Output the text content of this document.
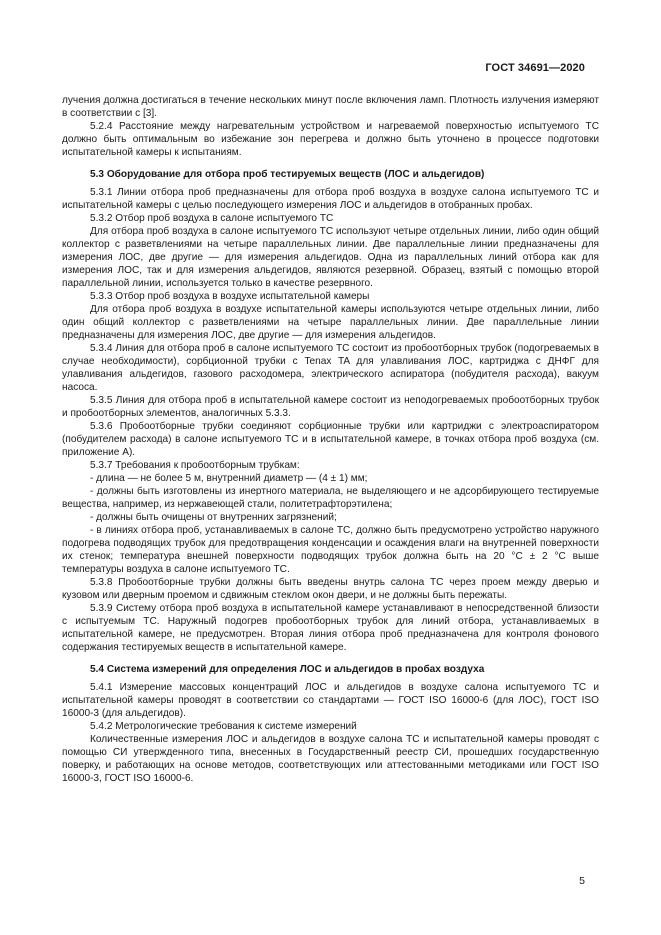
ГОСТ 34691—2020

лучения должна достигаться в течение нескольких минут после включения ламп. Плотность излучения измеряют в соответствии с [3].

5.2.4 Расстояние между нагревательным устройством и нагреваемой поверхностью испытуемого ТС должно быть оптимальным во избежание зон перегрева и должно быть уточнено в процессе подготовки испытательной камеры к испытаниям.

5.3 Оборудование для отбора проб тестируемых веществ (ЛОС и альдегидов)

5.3.1 Линии отбора проб предназначены для отбора проб воздуха в воздухе салона испытуемого ТС и испытательной камеры с целью последующего измерения ЛОС и альдегидов в отобранных пробах.

5.3.2 Отбор проб воздуха в салоне испытуемого ТС

Для отбора проб воздуха в салоне испытуемого ТС используют четыре отдельных линии, либо один общий коллектор с разветвлениями на четыре параллельных линии. Две параллельные линии предназначены для измерения ЛОС, две другие — для измерения альдегидов. Одна из параллельных линий отбора как для измерения ЛОС, так и для измерения альдегидов, являются резервной. Образец, взятый с помощью второй параллельной линии, используется только в качестве резервного.

5.3.3 Отбор проб воздуха в воздухе испытательной камеры

Для отбора проб воздуха в воздухе испытательной камеры используются четыре отдельных линии, либо один общий коллектор с разветвлениями на четыре параллельных линии. Две параллельные линии предназначены для измерения ЛОС, две другие — для измерения альдегидов.

5.3.4 Линия для отбора проб в салоне испытуемого ТС состоит из пробоотборных трубок (подогреваемых в случае необходимости), сорбционной трубки с Tenax TA для улавливания ЛОС, картриджа с ДНФГ для улавливания альдегидов, газового расходомера, электрического аспиратора (побудителя расхода), вакуум насоса.

5.3.5 Линия для отбора проб в испытательной камере состоит из неподогреваемых пробоотборных трубок и пробоотборных элементов, аналогичных 5.3.3.

5.3.6 Пробоотборные трубки соединяют сорбционные трубки или картриджи с электроаспиратором (побудителем расхода) в салоне испытуемого ТС и в испытательной камере, в точках отбора проб воздуха (см. приложение А).

5.3.7 Требования к пробоотборным трубкам:

- длина — не более 5 м, внутренний диаметр — (4 ± 1) мм;

- должны быть изготовлены из инертного материала, не выделяющего и не адсорбирующего тестируемые вещества, например, из нержавеющей стали, политетрафторэтилена;

- должны быть очищены от внутренних загрязнений;

- в линиях отбора проб, устанавливаемых в салоне ТС, должно быть предусмотрено устройство наружного подогрева подводящих трубок для предотвращения конденсации и осаждения влаги на внутренней поверхности их стенок; температура внешней поверхности подводящих трубок должна быть на 20 °С ± 2 °С выше температуры воздуха в салоне испытуемого ТС.

5.3.8 Пробоотборные трубки должны быть введены внутрь салона ТС через проем между дверью и кузовом или дверным проемом и сдвижным стеклом окон двери, и не должны быть пережаты.

5.3.9 Систему отбора проб воздуха в испытательной камере устанавливают в непосредственной близости с испытуемым ТС. Наружный подогрев пробоотборных трубок для линий отбора, устанавливаемых в испытательной камере, не предусмотрен. Вторая линия отбора проб предназначена для контроля фонового содержания тестируемых веществ в испытательной камере.

5.4 Система измерений для определения ЛОС и альдегидов в пробах воздуха

5.4.1 Измерение массовых концентраций ЛОС и альдегидов в воздухе салона испытуемого ТС и испытательной камеры проводят в соответствии со стандартами — ГОСТ ISO 16000-6 (для ЛОС), ГОСТ ISO 16000-3 (для альдегидов).

5.4.2 Метрологические требования к системе измерений

Количественные измерения ЛОС и альдегидов в воздухе салона ТС и испытательной камеры проводят с помощью СИ утвержденного типа, внесенных в Государственный реестр СИ, прошедших государственную поверку, и работающих на основе методов, соответствующих или аттестованными методиками или ГОСТ ISO 16000-3, ГОСТ ISO 16000-6.

5
